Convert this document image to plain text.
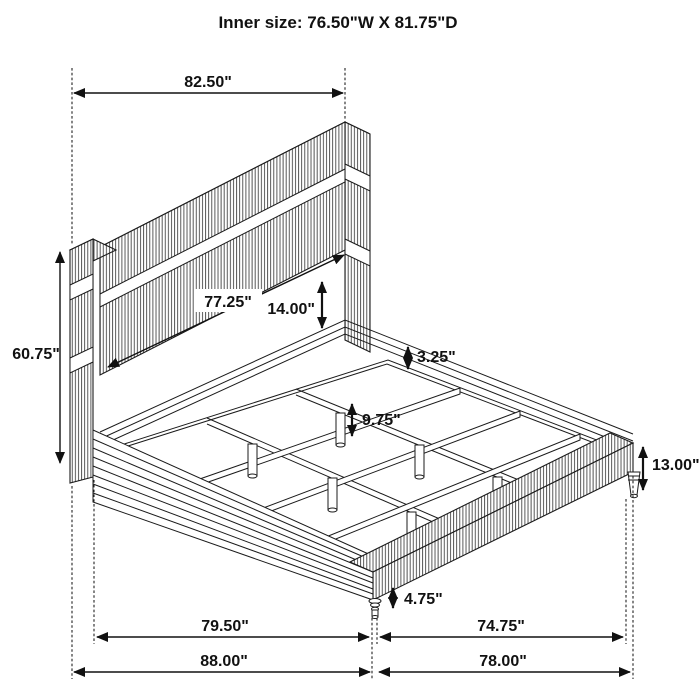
Inner size: 76.50"W X 81.75"D
82.50"
60.75"
77.25" 14.00"
3.25"
9.75"
13.00"
4.75"
79.50"	74.75"
88.00"	78.00"
